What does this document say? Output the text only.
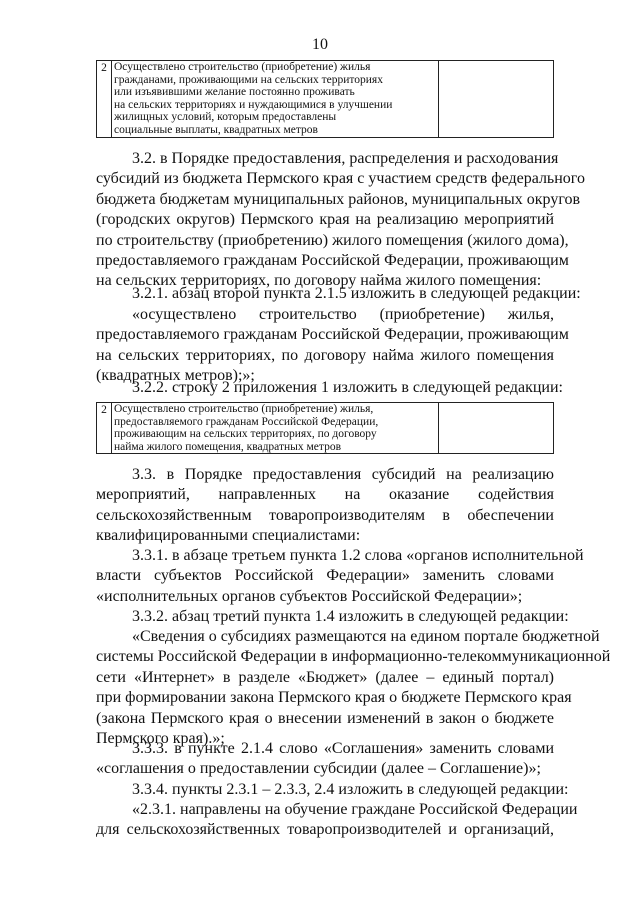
10
2	Осуществлено строительство (приобретение) жилья
гражданами, проживающими на сельских территориях
или изъявившими желание постоянно проживать
на сельских территориях и нуждающимися в улучшении
жилищных условий, которым предоставлены
социальные выплаты, квадратных метров

3.2. в Порядке предоставления, распределения и расходования
субсидий из бюджета Пермского края с участием средств федерального
бюджета бюджетам муниципальных районов, муниципальных округов
(городских округов) Пермского края на реализацию мероприятий
по строительству (приобретению) жилого помещения (жилого дома),
предоставляемого гражданам Российской Федерации, проживающим
на сельских территориях, по договору найма жилого помещения:
3.2.1. абзац второй пункта 2.1.5 изложить в следующей редакции:
«осуществлено строительство (приобретение) жилья,
предоставляемого гражданам Российской Федерации, проживающим
на сельских территориях, по договору найма жилого помещения
(квадратных метров);»;
3.2.2. строку 2 приложения 1 изложить в следующей редакции:
2	Осуществлено строительство (приобретение) жилья,
предоставляемого гражданам Российской Федерации,
проживающим на сельских территориях, по договору
найма жилого помещения, квадратных метров

3.3. в Порядке предоставления субсидий на реализацию
мероприятий, направленных на оказание содействия
сельскохозяйственным товаропроизводителям в обеспечении
квалифицированными специалистами:
3.3.1. в абзаце третьем пункта 1.2 слова «органов исполнительной
власти субъектов Российской Федерации» заменить словами
«исполнительных органов субъектов Российской Федерации»;
3.3.2. абзац третий пункта 1.4 изложить в следующей редакции:
«Сведения о субсидиях размещаются на едином портале бюджетной
системы Российской Федерации в информационно-телекоммуникационной
сети «Интернет» в разделе «Бюджет» (далее – единый портал)
при формировании закона Пермского края о бюджете Пермского края
(закона Пермского края о внесении изменений в закон о бюджете
Пермского края).»;
3.3.3. в пункте 2.1.4 слово «Соглашения» заменить словами
«соглашения о предоставлении субсидии (далее – Соглашение)»;
3.3.4. пункты 2.3.1 – 2.3.3, 2.4 изложить в следующей редакции:
«2.3.1. направлены на обучение граждане Российской Федерации
для сельскохозяйственных товаропроизводителей и организаций,
